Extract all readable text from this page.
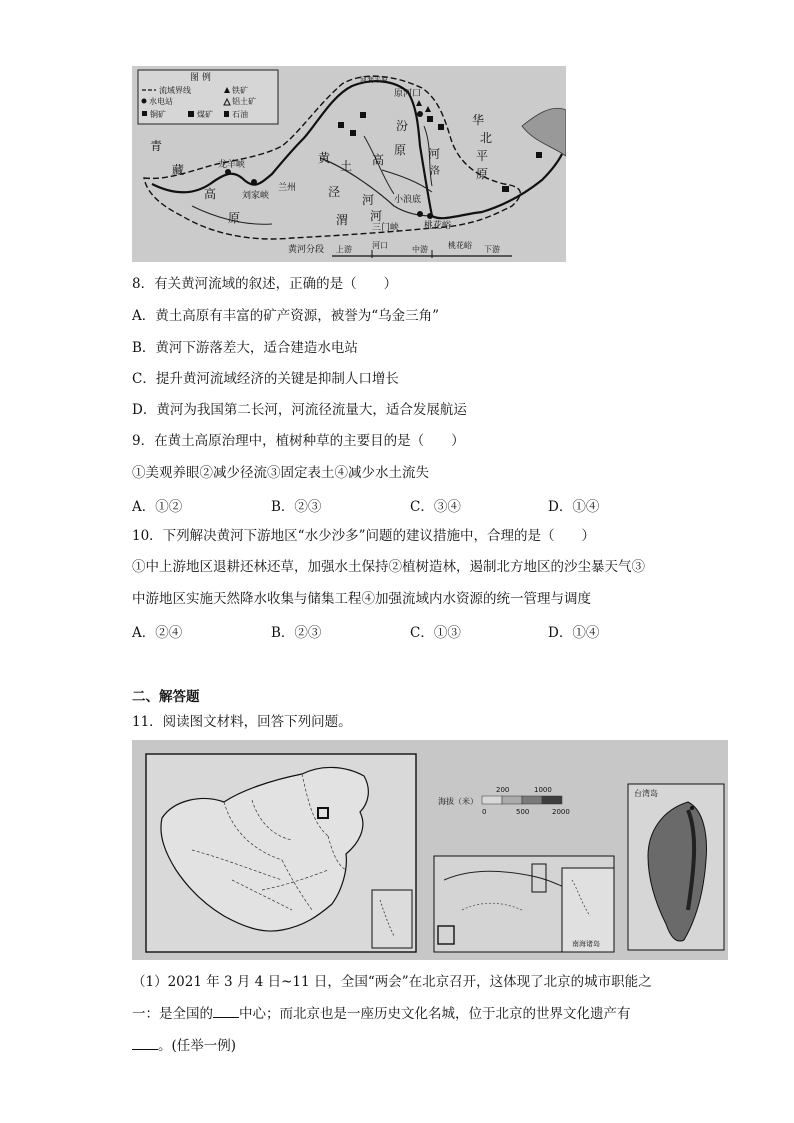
图 例
流域界线	铁矿
水电站	铝土矿
铜矿	煤矿 石油
青
藏
高
原
龙羊峡
刘家峡
兰州
河套平原
原河口
黄
土 高
原
泾
河
渭 河
汾
河
洛
小浪底
三门峡	桃花峪
华
北
平
原
黄河分段 上游	河口	中游	桃花峪 下游
8．有关黄河流域的叙述，正确的是（　　）
A．黄土高原有丰富的矿产资源，被誉为“乌金三角”
B．黄河下游落差大，适合建造水电站
C．提升黄河流域经济的关键是抑制人口增长
D．黄河为我国第二长河，河流径流量大，适合发展航运
9．在黄土高原治理中，植树种草的主要目的是（　　）
①美观养眼②减少径流③固定表土④减少水土流失
A．①②	B．②③	C．③④	D．①④
10．下列解决黄河下游地区“水少沙多”问题的建议措施中，合理的是（　　）
①中上游地区退耕还林还草，加强水土保持②植树造林，遏制北方地区的沙尘暴天气③
中游地区实施天然降水收集与储集工程④加强流域内水资源的统一管理与调度
A．②④	B．②③	C．①③	D．①④
二、解答题
11．阅读图文材料，回答下列问题。
海拔（米）
200	1000
0	500	2000
南海诸岛
台湾岛
（1）2021 年 3 月 4 日~11 日，全国“两会”在北京召开，这体现了北京的城市职能之
一：是全国的 中心；而北京也是一座历史文化名城，位于北京的世界文化遗产有
。(任举一例)
